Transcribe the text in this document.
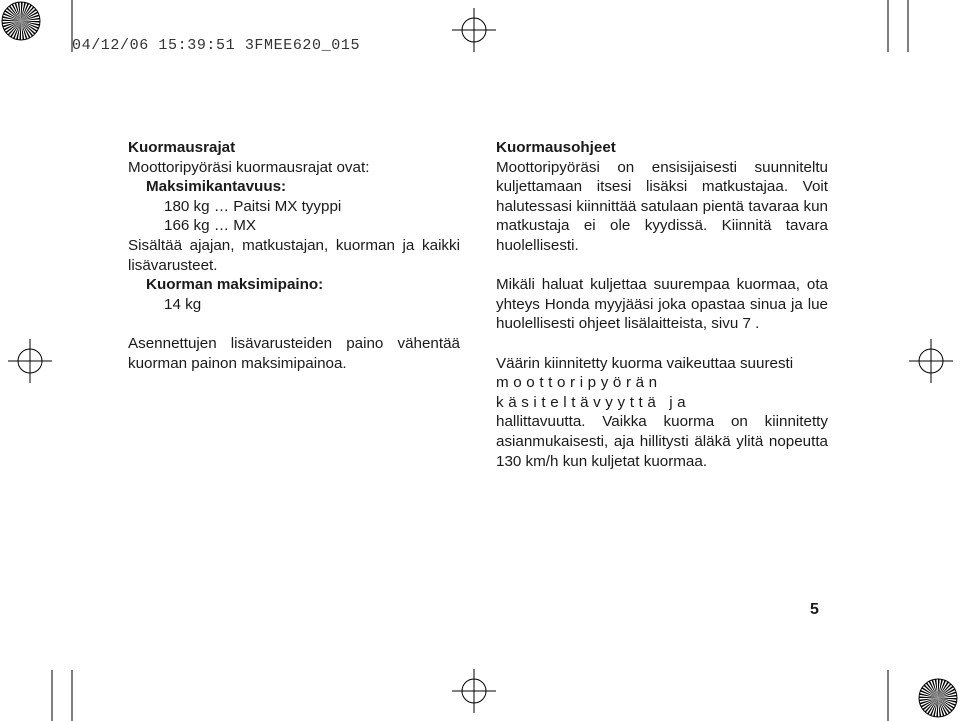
04/12/06 15:39:51 3FMEE620_015

Kuormausrajat

Moottoripyöräsi kuormausrajat ovat:

Maksimikantavuus:

180 kg … Paitsi MX tyyppi

166 kg … MX

Sisältää ajajan, matkustajan, kuorman ja kaikki lisävarusteet.

Kuorman maksimipaino:

14 kg

Asennettujen lisävarusteiden paino vähentää kuorman painon maksimipainoa.

Kuormausohjeet

Moottoripyöräsi on ensisijaisesti suunniteltu kuljettamaan itsesi lisäksi matkustajaa. Voit halutessasi kiinnittää satulaan pientä tavaraa kun matkustaja ei ole kyydissä. Kiinnitä tavara huolellisesti.

Mikäli haluat kuljettaa suurempaa kuormaa, ota yhteys Honda myyjääsi joka opastaa sinua ja lue huolellisesti ohjeet lisälaitteista, sivu 7 .

Väärin kiinnitetty kuorma vaikeuttaa suuresti

moottoripyörän käsiteltävyyttä ja

hallittavuutta. Vaikka kuorma on kiinnitetty asianmukaisesti, aja hillitysti äläkä ylitä nopeutta 130 km/h kun kuljetat kuormaa.

5
